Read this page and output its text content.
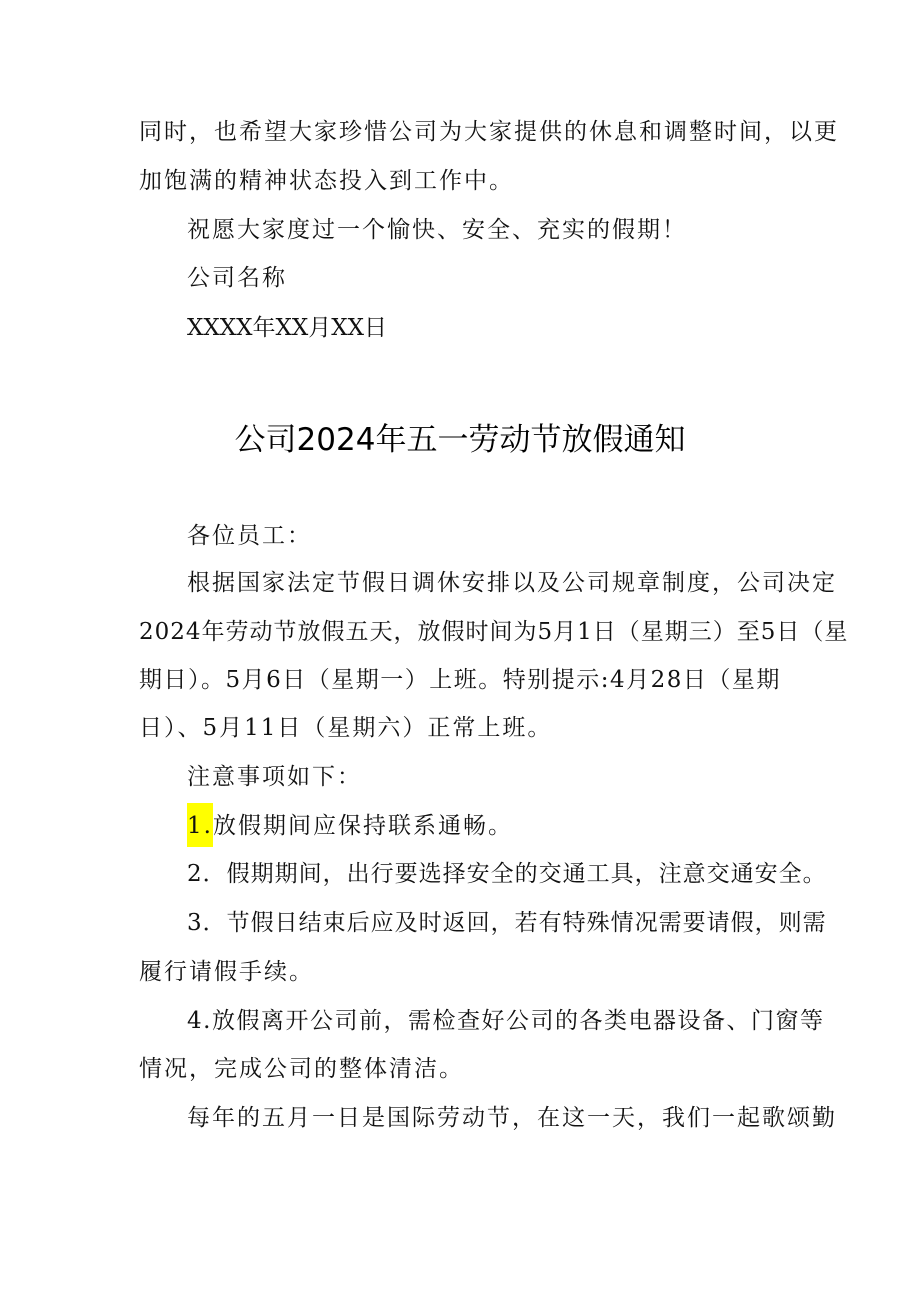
同时，也希望大家珍惜公司为大家提供的休息和调整时间，以更
加饱满的精神状态投入到工作中。
祝愿大家度过一个愉快、安全、充实的假期！
公司名称
XXXX年XX月XX日
公司2024年五一劳动节放假通知
各位员工：
根据国家法定节假日调休安排以及公司规章制度，公司决定
2024年劳动节放假五天，放假时间为5月1日（星期三）至5日（星
期日）。5月6日（星期一）上班。特别提示:4月28日（星期
日）、5月11日（星期六）正常上班。
注意事项如下：
1.放假期间应保持联系通畅。
2．假期期间，出行要选择安全的交通工具，注意交通安全。
3．节假日结束后应及时返回，若有特殊情况需要请假，则需
履行请假手续。
4.放假离开公司前，需检查好公司的各类电器设备、门窗等
情况，完成公司的整体清洁。
每年的五月一日是国际劳动节，在这一天，我们一起歌颂勤
